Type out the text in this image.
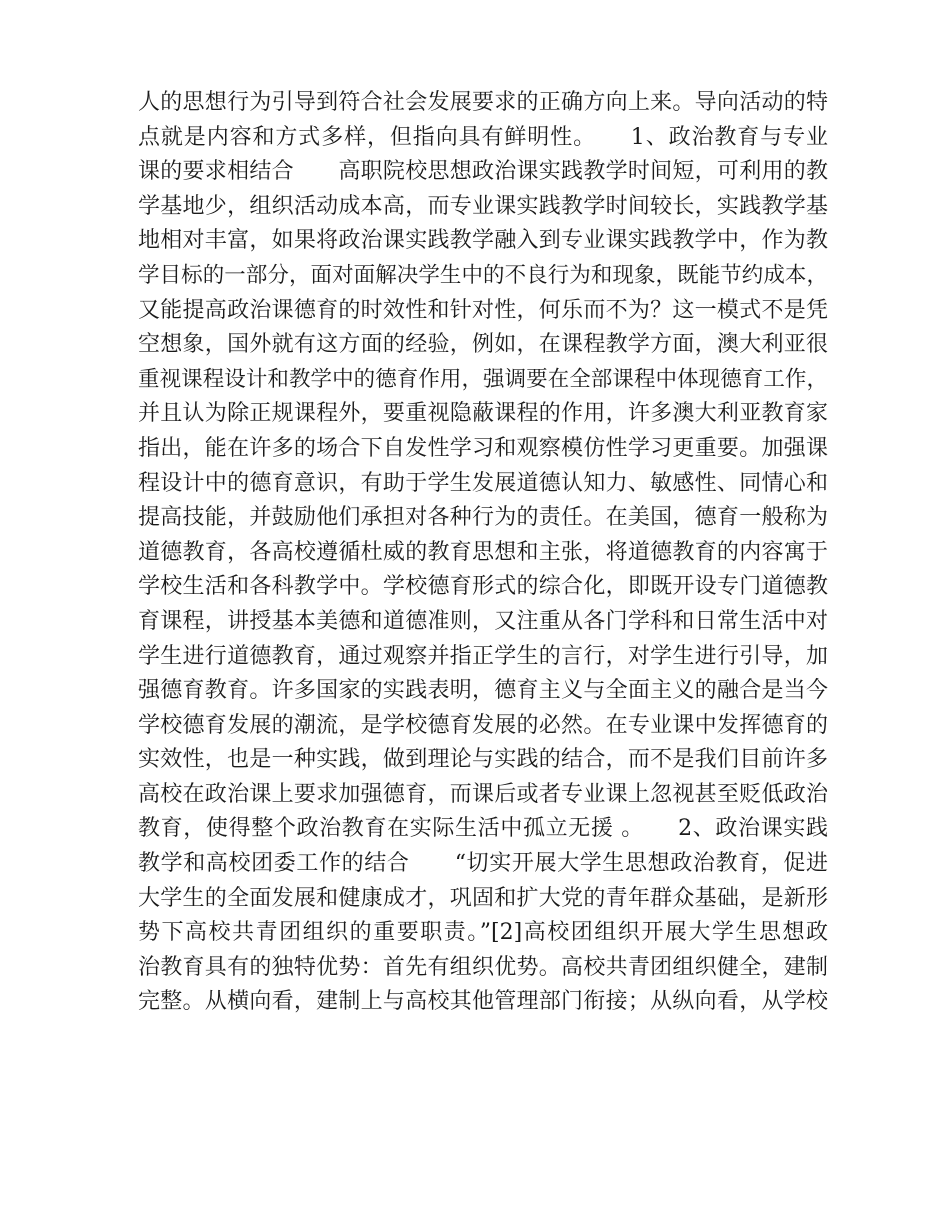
人的思想行为引导到符合社会发展要求的正确方向上来。导向活动的特
点就是内容和方式多样，但指向具有鲜明性。　　1、政治教育与专业
课的要求相结合　　高职院校思想政治课实践教学时间短，可利用的教
学基地少，组织活动成本高，而专业课实践教学时间较长，实践教学基
地相对丰富，如果将政治课实践教学融入到专业课实践教学中，作为教
学目标的一部分，面对面解决学生中的不良行为和现象，既能节约成本，
又能提高政治课德育的时效性和针对性，何乐而不为？这一模式不是凭
空想象，国外就有这方面的经验，例如，在课程教学方面，澳大利亚很
重视课程设计和教学中的德育作用，强调要在全部课程中体现德育工作，
并且认为除正规课程外，要重视隐蔽课程的作用，许多澳大利亚教育家
指出，能在许多的场合下自发性学习和观察模仿性学习更重要。加强课
程设计中的德育意识，有助于学生发展道德认知力、敏感性、同情心和
提高技能，并鼓励他们承担对各种行为的责任。在美国，德育一般称为
道德教育，各高校遵循杜威的教育思想和主张，将道德教育的内容寓于
学校生活和各科教学中。学校德育形式的综合化，即既开设专门道德教
育课程，讲授基本美德和道德准则，又注重从各门学科和日常生活中对
学生进行道德教育，通过观察并指正学生的言行，对学生进行引导，加
强德育教育。许多国家的实践表明，德育主义与全面主义的融合是当今
学校德育发展的潮流，是学校德育发展的必然。在专业课中发挥德育的
实效性，也是一种实践，做到理论与实践的结合，而不是我们目前许多
高校在政治课上要求加强德育，而课后或者专业课上忽视甚至贬低政治
教育，使得整个政治教育在实际生活中孤立无援 。　　2、政治课实践
教学和高校团委工作的结合　　“切实开展大学生思想政治教育，促进
大学生的全面发展和健康成才，巩固和扩大党的青年群众基础，是新形
势下高校共青团组织的重要职责。”[2]高校团组织开展大学生思想政
治教育具有的独特优势：首先有组织优势。高校共青团组织健全，建制
完整。从横向看，建制上与高校其他管理部门衔接；从纵向看，从学校
